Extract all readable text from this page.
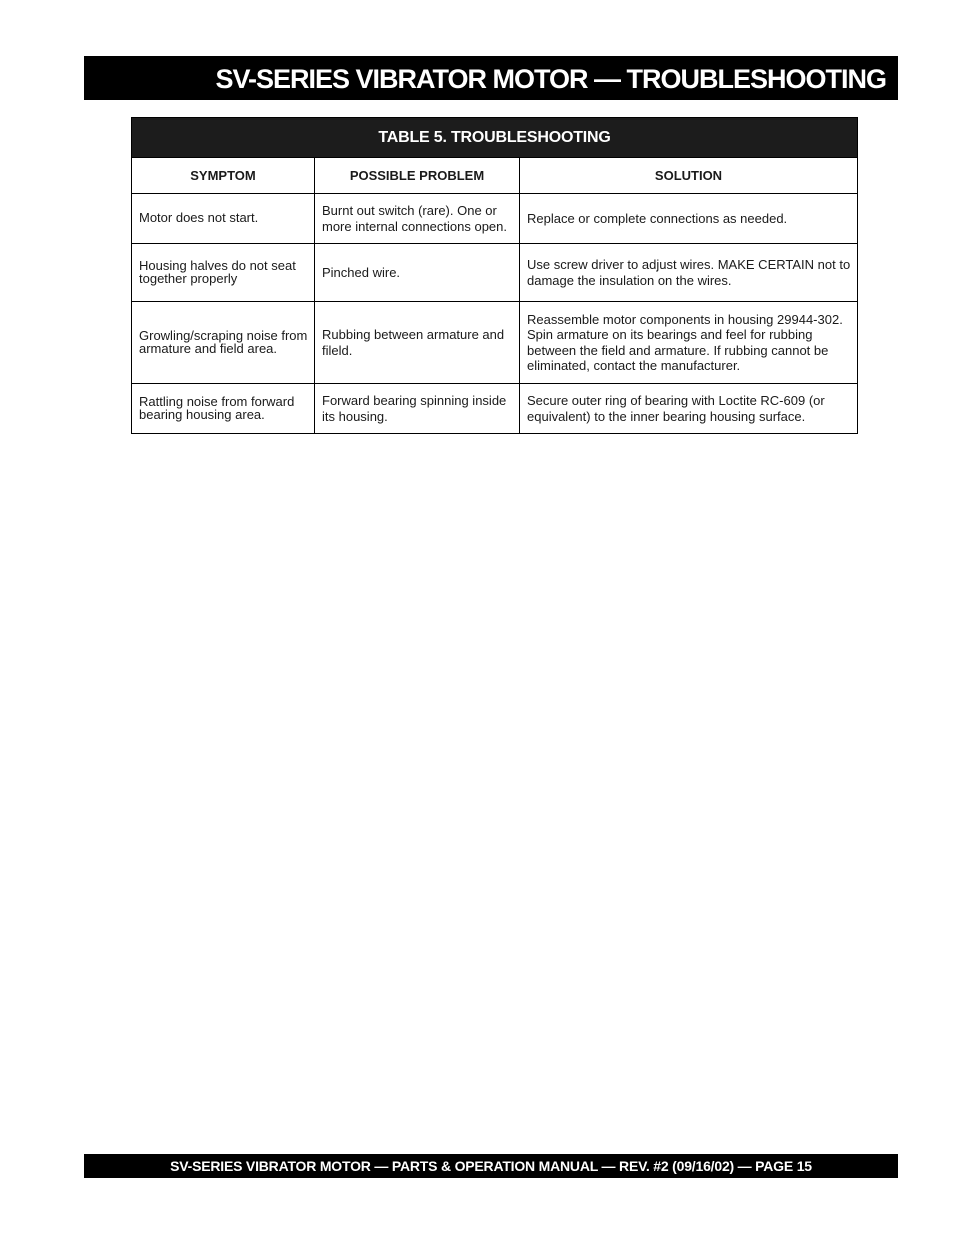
SV-SERIES VIBRATOR MOTOR — TROUBLESHOOTING
TABLE 5. TROUBLESHOOTING		
SYMPTOM	POSSIBLE PROBLEM	SOLUTION
Motor does not start.	Burnt out switch (rare). One or more internal connections open.	Replace or complete connections as needed.
Housing halves do not seat together properly	Pinched wire.	Use screw driver to adjust wires. MAKE CERTAIN not to damage the insulation on the wires.
Growling/scraping noise from armature and field area.	Rubbing between armature and fileld.	Reassemble motor components in housing 29944-302. Spin armature on its bearings and feel for rubbing between the field and armature. If rubbing cannot be eliminated, contact the manufacturer.
Rattling noise from forward bearing housing area.	Forward bearing spinning inside its housing.	Secure outer ring of bearing with Loctite RC-609 (or equivalent) to the inner bearing housing surface.
SV-SERIES VIBRATOR MOTOR — PARTS & OPERATION MANUAL — REV. #2 (09/16/02) — PAGE 15
